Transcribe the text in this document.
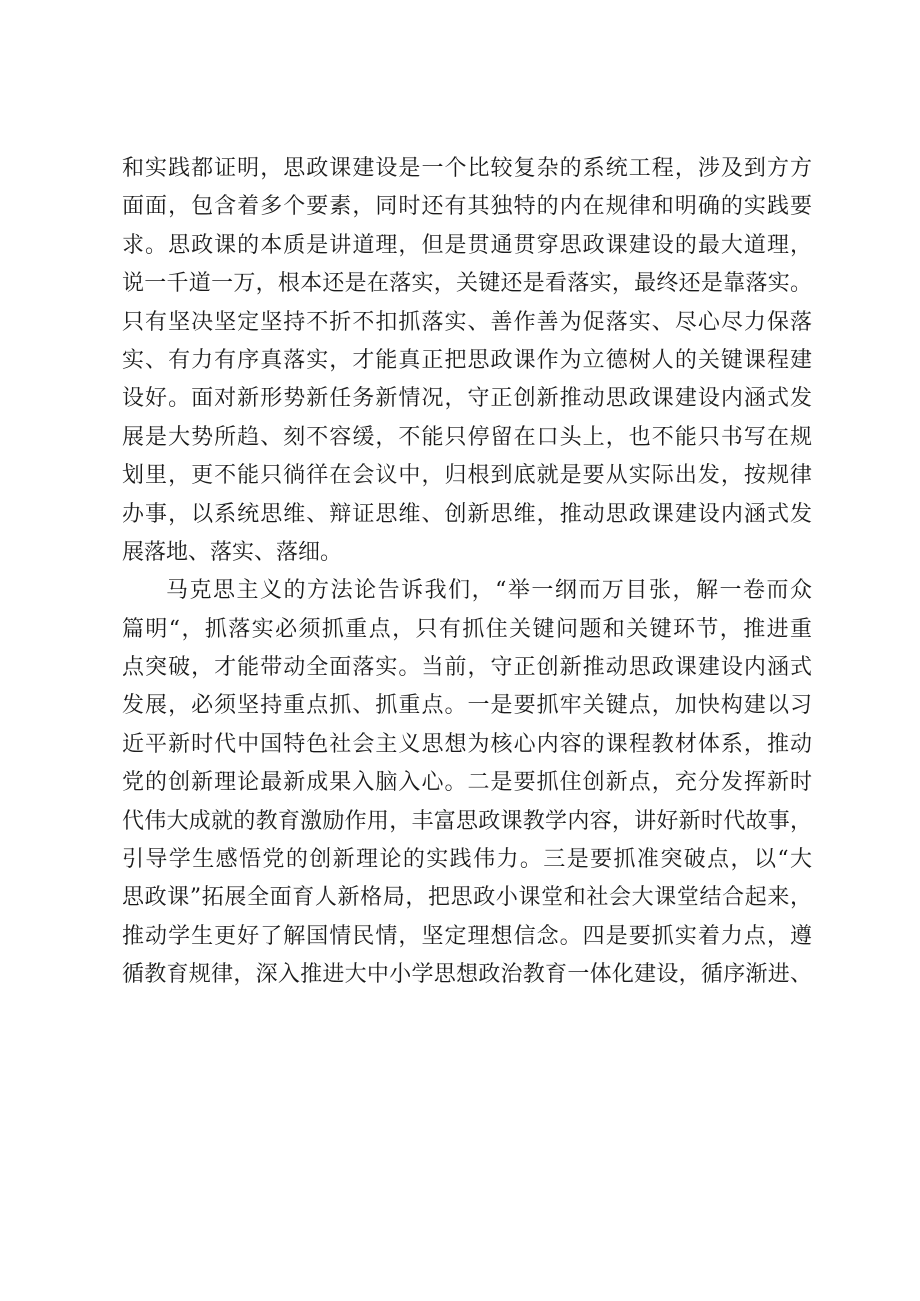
和实践都证明，思政课建设是一个比较复杂的系统工程，涉及到方方
面面，包含着多个要素，同时还有其独特的内在规律和明确的实践要
求。思政课的本质是讲道理，但是贯通贯穿思政课建设的最大道理，
说一千道一万，根本还是在落实，关键还是看落实，最终还是靠落实。
只有坚决坚定坚持不折不扣抓落实、善作善为促落实、尽心尽力保落
实、有力有序真落实，才能真正把思政课作为立德树人的关键课程建
设好。面对新形势新任务新情况，守正创新推动思政课建设内涵式发
展是大势所趋、刻不容缓，不能只停留在口头上，也不能只书写在规
划里，更不能只徜徉在会议中，归根到底就是要从实际出发，按规律
办事，以系统思维、辩证思维、创新思维，推动思政课建设内涵式发
展落地、落实、落细。
马克思主义的方法论告诉我们，“举一纲而万目张，解一卷而众
篇明“，抓落实必须抓重点，只有抓住关键问题和关键环节，推进重
点突破，才能带动全面落实。当前，守正创新推动思政课建设内涵式
发展，必须坚持重点抓、抓重点。一是要抓牢关键点，加快构建以习
近平新时代中国特色社会主义思想为核心内容的课程教材体系，推动
党的创新理论最新成果入脑入心。二是要抓住创新点，充分发挥新时
代伟大成就的教育激励作用，丰富思政课教学内容，讲好新时代故事，
引导学生感悟党的创新理论的实践伟力。三是要抓准突破点，以“大
思政课”拓展全面育人新格局，把思政小课堂和社会大课堂结合起来，
推动学生更好了解国情民情，坚定理想信念。四是要抓实着力点，遵
循教育规律，深入推进大中小学思想政治教育一体化建设，循序渐进、
